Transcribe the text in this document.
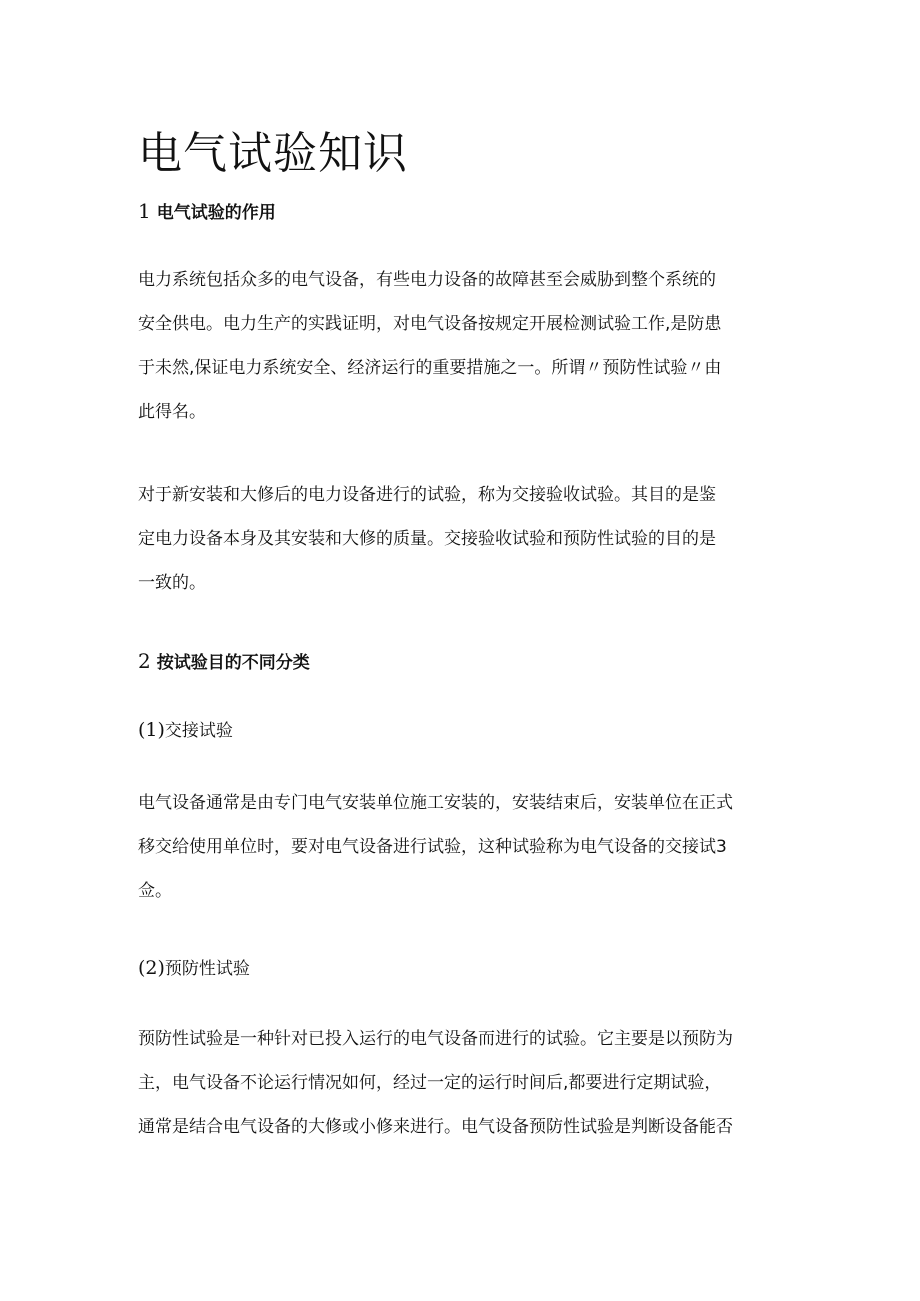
电气试验知识
1 电气试验的作用
电力系统包括众多的电气设备，有些电力设备的故障甚至会威胁到整个系统的
安全供电。电力生产的实践证明，对电气设备按规定开展检测试验工作,是防患
于未然,保证电力系统安全、经济运行的重要措施之一。所谓〃预防性试验〃由
此得名。
对于新安装和大修后的电力设备进行的试验，称为交接验收试验。其目的是鉴
定电力设备本身及其安装和大修的质量。交接验收试验和预防性试验的目的是
一致的。
2 按试验目的不同分类
(1)交接试验
电气设备通常是由专门电气安装单位施工安装的，安装结束后，安装单位在正式
移交给使用单位时，要对电气设备进行试验，这种试验称为电气设备的交接试3
佥。
(2)预防性试验
预防性试验是一种针对已投入运行的电气设备而进行的试验。它主要是以预防为
主，电气设备不论运行情况如何，经过一定的运行时间后,都要进行定期试验，
通常是结合电气设备的大修或小修来进行。电气设备预防性试验是判断设备能否
